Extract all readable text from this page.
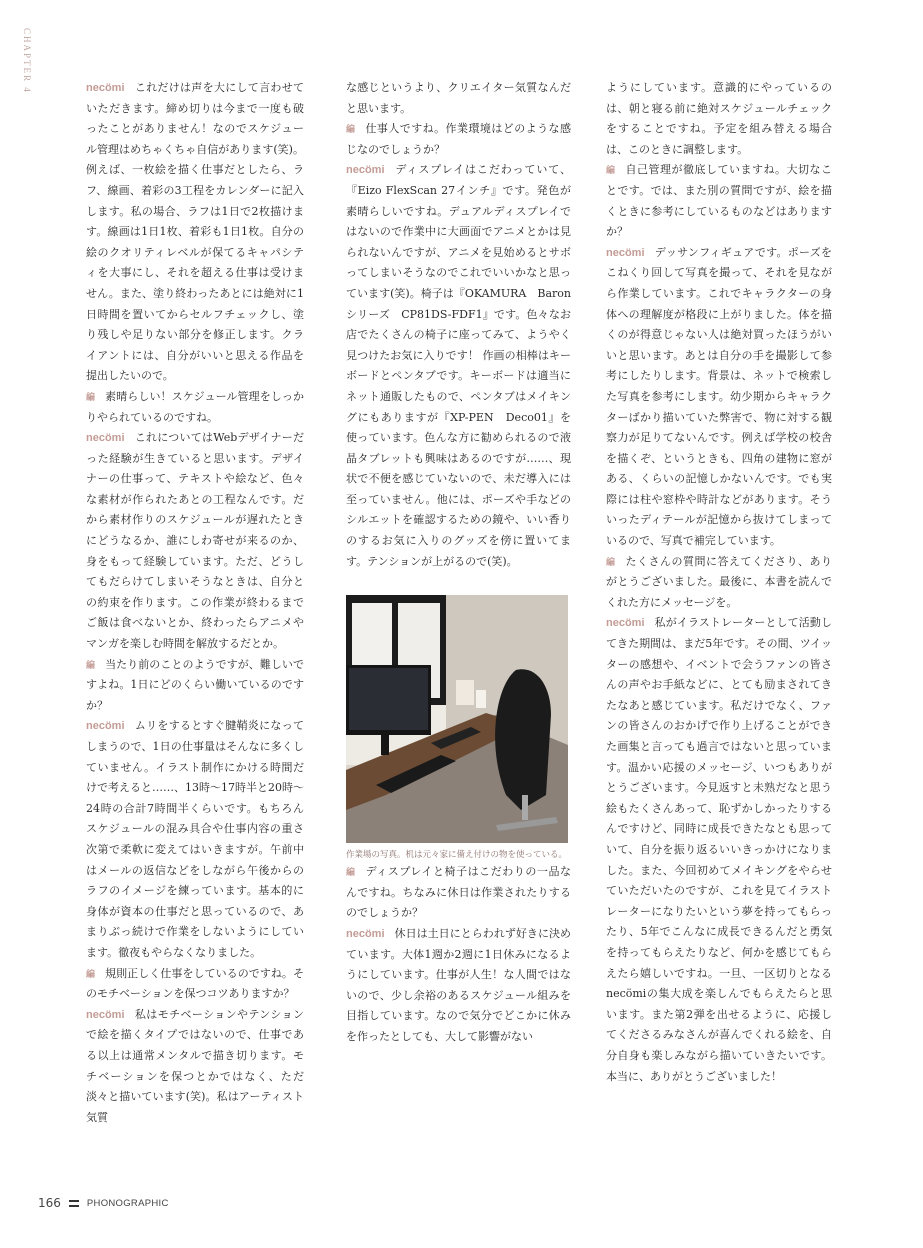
CHAPTER 4	necömi これだけは声を大にして言わせていただきます。締め切りは今まで一度も破ったことがありません！なのでスケジュール管理はめちゃくちゃ自信があります(笑)。例えば、一枚絵を描く仕事だとしたら、ラフ、線画、着彩の3工程をカレンダーに記入します。私の場合、ラフは1日で2枚描けます。線画は1日1枚、着彩も1日1枚。自分の絵のクオリティレベルが保てるキャパシティを大事にし、それを超える仕事は受けません。また、塗り終わったあとには絶対に1日時間を置いてからセルフチェックし、塗り残しや足りない部分を修正します。クライアントには、自分がいいと思える作品を提出したいので。

編 素晴らしい！スケジュール管理をしっかりやられているのですね。

necömi これについてはWebデザイナーだった経験が生きていると思います。デザイナーの仕事って、テキストや絵など、色々な素材が作られたあとの工程なんです。だから素材作りのスケジュールが遅れたときにどうなるか、誰にしわ寄せが来るのか、身をもって経験しています。ただ、どうしてもだらけてしまいそうなときは、自分との約束を作ります。この作業が終わるまでご飯は食べないとか、終わったらアニメやマンガを楽しむ時間を解放するだとか。

編 当たり前のことのようですが、難しいですよね。1日にどのくらい働いているのですか？

necömi ムリをするとすぐ腱鞘炎になってしまうので、1日の仕事量はそんなに多くしていません。イラスト制作にかける時間だけで考えると……、13時～17時半と20時～24時の合計7時間半くらいです。もちろんスケジュールの混み具合や仕事内容の重さ次第で柔軟に変えてはいきますが。午前中はメールの返信などをしながら午後からのラフのイメージを練っています。基本的に身体が資本の仕事だと思っているので、あまりぶっ続けで作業をしないようにしています。徹夜もやらなくなりました。

編 規則正しく仕事をしているのですね。そのモチベーションを保つコツありますか？

necömi 私はモチベーションやテンションで絵を描くタイプではないので、仕事である以上は通常メンタルで描き切ります。モチベーションを保つとかではなく、ただ淡々と描いています(笑)。私はアーティスト気質

な感じというより、クリエイター気質なんだと思います。

編 仕事人ですね。作業環境はどのような感じなのでしょうか？

necömi ディスプレイはこだわっていて、『Eizo FlexScan 27インチ』です。発色が素晴らしいですね。デュアルディスプレイではないので作業中に大画面でアニメとかは見られないんですが、アニメを見始めるとサボってしまいそうなのでこれでいいかなと思っています(笑)。椅子は『OKAMURA　Baron シリーズ　CP81DS-FDF1』です。色々なお店でたくさんの椅子に座ってみて、ようやく見つけたお気に入りです！ 作画の相棒はキーボードとペンタブです。キーボードは適当にネット通販したもので、ペンタブはメイキングにもありますが『XP-PEN　Deco01』を使っています。色んな方に勧められるので液晶タブレットも興味はあるのですが……、現状で不便を感じていないので、未だ導入には至っていません。他には、ポーズや手などのシルエットを確認するための鏡や、いい香りのするお気に入りのグッズを傍に置いてます。テンションが上がるので(笑)。

作業場の写真。机は元々家に備え付けの物を使っている。

編 ディスプレイと椅子はこだわりの一品なんですね。ちなみに休日は作業されたりするのでしょうか？

necömi 休日は土日にとらわれず好きに決めています。大体1週か2週に1日休みになるようにしています。仕事が人生！な人間ではないので、少し余裕のあるスケジュール組みを目指しています。なので気分でどこかに休みを作ったとしても、大して影響がない

ようにしています。意識的にやっているのは、朝と寝る前に絶対スケジュールチェックをすることですね。予定を組み替える場合は、このときに調整します。

編 自己管理が徹底していますね。大切なことです。では、また別の質問ですが、絵を描くときに参考にしているものなどはありますか？

necömi デッサンフィギュアです。ポーズをこねくり回して写真を撮って、それを見ながら作業しています。これでキャラクターの身体への理解度が格段に上がりました。体を描くのが得意じゃない人は絶対買ったほうがいいと思います。あとは自分の手を撮影して参考にしたりします。背景は、ネットで検索した写真を参考にします。幼少期からキャラクターばかり描いていた弊害で、物に対する観察力が足りてないんです。例えば学校の校舎を描くぞ、というときも、四角の建物に窓がある、くらいの記憶しかないんです。でも実際には柱や窓枠や時計などがあります。そういったディテールが記憶から抜けてしまっているので、写真で補完しています。

編 たくさんの質問に答えてくださり、ありがとうございました。最後に、本書を読んでくれた方にメッセージを。

necömi 私がイラストレーターとして活動してきた期間は、まだ5年です。その間、ツイッターの感想や、イベントで会うファンの皆さんの声やお手紙などに、とても励まされてきたなあと感じています。私だけでなく、ファンの皆さんのおかげで作り上げることができた画集と言っても過言ではないと思っています。温かい応援のメッセージ、いつもありがとうございます。今見返すと未熟だなと思う絵もたくさんあって、恥ずかしかったりするんですけど、同時に成長できたなとも思っていて、自分を振り返るいいきっかけになりました。また、今回初めてメイキングをやらせていただいたのですが、これを見てイラストレーターになりたいという夢を持ってもらったり、5年でこんなに成長できるんだと勇気を持ってもらえたりなど、何かを感じてもらえたら嬉しいですね。一旦、一区切りとなるnecömiの集大成を楽しんでもらえたらと思います。また第2弾を出せるように、応援してくださるみなさんが喜んでくれる絵を、自分自身も楽しみながら描いていきたいです。本当に、ありがとうございました！

166	PHONOGRAPHIC
